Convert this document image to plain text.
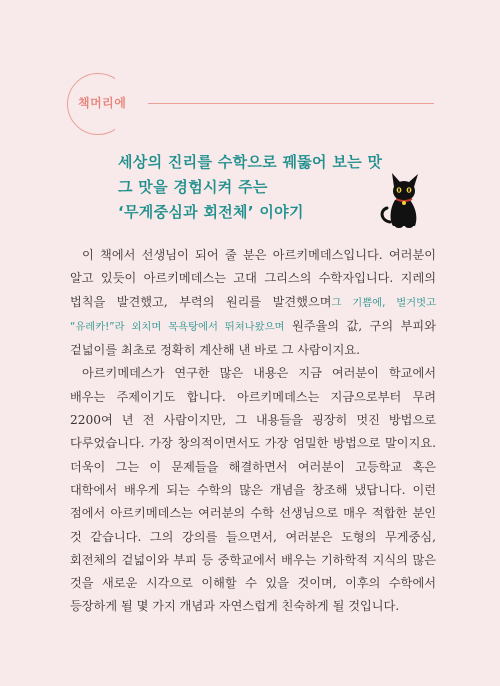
책머리에
세상의 진리를 수학으로 꿰뚫어 보는 맛
그 맛을 경험시켜 주는
‘무게중심과 회전체’ 이야기

이 책에서 선생님이 되어 줄 분은 아르키메데스입니다. 여러분이 알고 있듯이 아르키메데스는 고대 그리스의 수학자입니다. 지레의 법칙을 발견했고, 부력의 원리를 발견했으며그 기쁨에, 벌거벗고 “유레카!”라 외치며 목욕탕에서 뛰쳐나왔으며 원주율의 값, 구의 부피와 겉넓이를 최초로 정확히 계산해 낸 바로 그 사람이지요.

아르키메데스가 연구한 많은 내용은 지금 여러분이 학교에서 배우는 주제이기도 합니다. 아르키메데스는 지금으로부터 무려 2200여 년 전 사람이지만, 그 내용들을 굉장히 멋진 방법으로 다루었습니다. 가장 창의적이면서도 가장 엄밀한 방법으로 말이지요. 더욱이 그는 이 문제들을 해결하면서 여러분이 고등학교 혹은 대학에서 배우게 되는 수학의 많은 개념을 창조해 냈답니다. 이런 점에서 아르키메데스는 여러분의 수학 선생님으로 매우 적합한 분인 것 같습니다. 그의 강의를 들으면서, 여러분은 도형의 무게중심, 회전체의 겉넓이와 부피 등 중학교에서 배우는 기하학적 지식의 많은 것을 새로운 시각으로 이해할 수 있을 것이며, 이후의 수학에서 등장하게 될 몇 가지 개념과 자연스럽게 친숙하게 될 것입니다.
